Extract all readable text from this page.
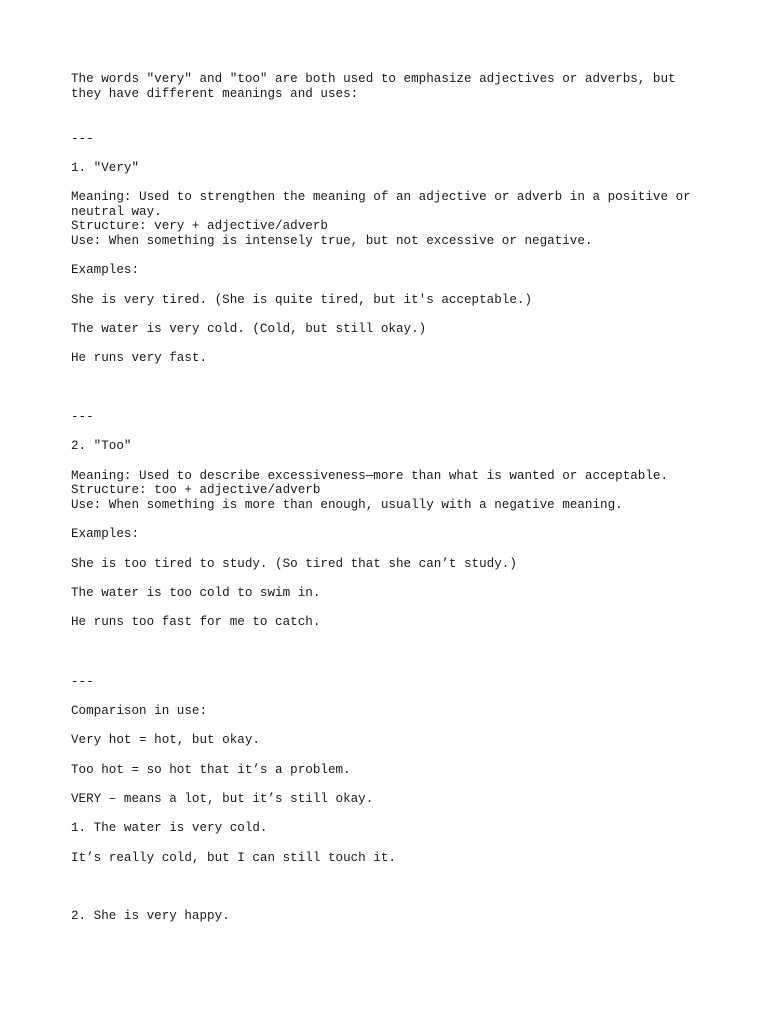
The words "very" and "too" are both used to emphasize adjectives or adverbs, but

they have different meanings and uses:

---

1. "Very"

Meaning: Used to strengthen the meaning of an adjective or adverb in a positive or

neutral way.

Structure: very + adjective/adverb

Use: When something is intensely true, but not excessive or negative.

Examples:

She is very tired. (She is quite tired, but it's acceptable.)

The water is very cold. (Cold, but still okay.)

He runs very fast.

---

2. "Too"

Meaning: Used to describe excessiveness—more than what is wanted or acceptable.

Structure: too + adjective/adverb

Use: When something is more than enough, usually with a negative meaning.

Examples:

She is too tired to study. (So tired that she can’t study.)

The water is too cold to swim in.

He runs too fast for me to catch.

---

Comparison in use:

Very hot = hot, but okay.

Too hot = so hot that it’s a problem.

VERY – means a lot, but it’s still okay.

1. The water is very cold.

It’s really cold, but I can still touch it.

2. She is very happy.
